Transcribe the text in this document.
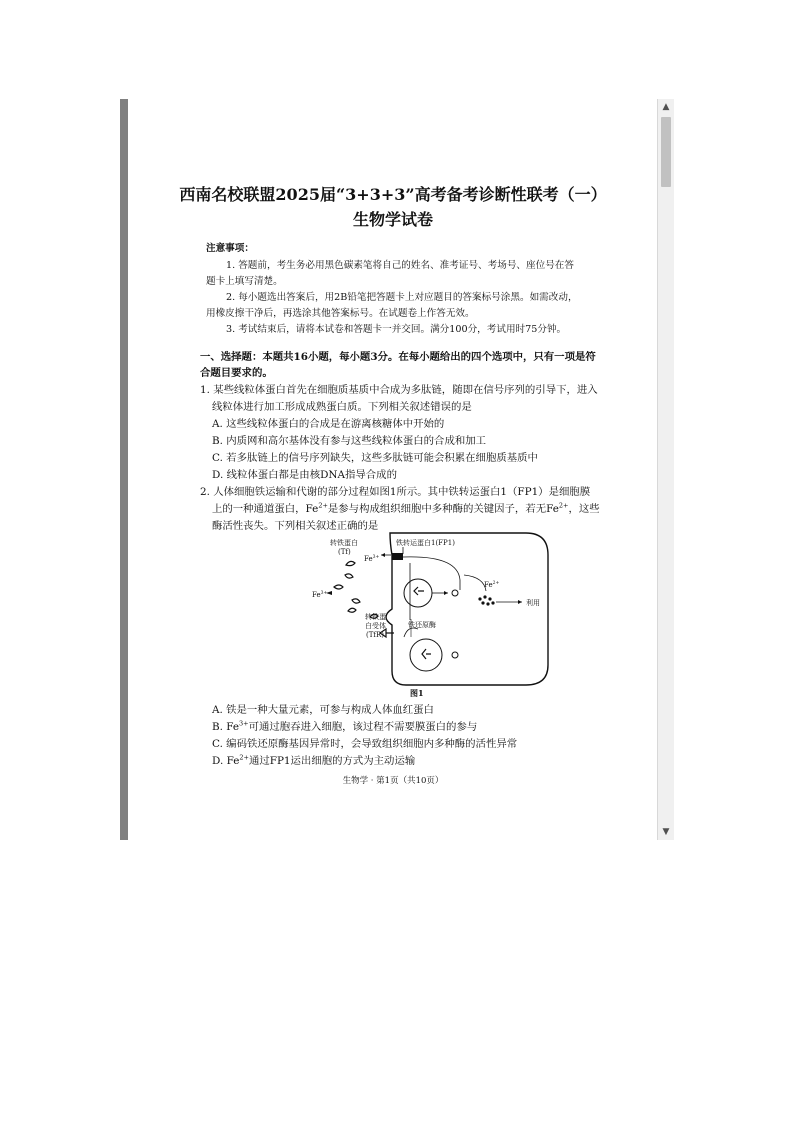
西南名校联盟2025届“3+3+3”高考备考诊断性联考（一）
生物学试卷
注意事项：
1. 答题前，考生务必用黑色碳素笔将自己的姓名、准考证号、考场号、座位号在答
题卡上填写清楚。
2. 每小题选出答案后，用2B铅笔把答题卡上对应题目的答案标号涂黑。如需改动，
用橡皮擦干净后，再选涂其他答案标号。在试题卷上作答无效。
3. 考试结束后，请将本试卷和答题卡一并交回。满分100分，考试用时75分钟。
一、选择题：本题共16小题，每小题3分。在每小题给出的四个选项中，只有一项是符
合题目要求的。
1. 某些线粒体蛋白首先在细胞质基质中合成为多肽链，随即在信号序列的引导下，进入
线粒体进行加工形成成熟蛋白质。下列相关叙述错误的是
A. 这些线粒体蛋白的合成是在游离核糖体中开始的
B. 内质网和高尔基体没有参与这些线粒体蛋白的合成和加工
C. 若多肽链上的信号序列缺失，这些多肽链可能会积累在细胞质基质中
D. 线粒体蛋白都是由核DNA指导合成的
2. 人体细胞铁运输和代谢的部分过程如图1所示。其中铁转运蛋白1（FP1）是细胞膜
上的一种通道蛋白，$Fe^{2+}$是参与构成组织细胞中多种酶的关键因子，若无$Fe^{2+}$，这些
酶活性丧失。下列相关叙述正确的是
转铁蛋白
(Tf)
铁转运蛋白1(FP1)
$Fe^{3+}$
$Fe^{3+}$
$Fe^{2+}$
利用
转铁蛋
白受体
(TfR)
铁还原酶
图1
A. 铁是一种大量元素，可参与构成人体血红蛋白
B. $Fe^{3+}$可通过胞吞进入细胞，该过程不需要膜蛋白的参与
C. 编码铁还原酶基因异常时，会导致组织细胞内多种酶的活性异常
D. $Fe^{2+}$通过FP1运出细胞的方式为主动运输
生物学 · 第1页（共10页）
▲
▼
